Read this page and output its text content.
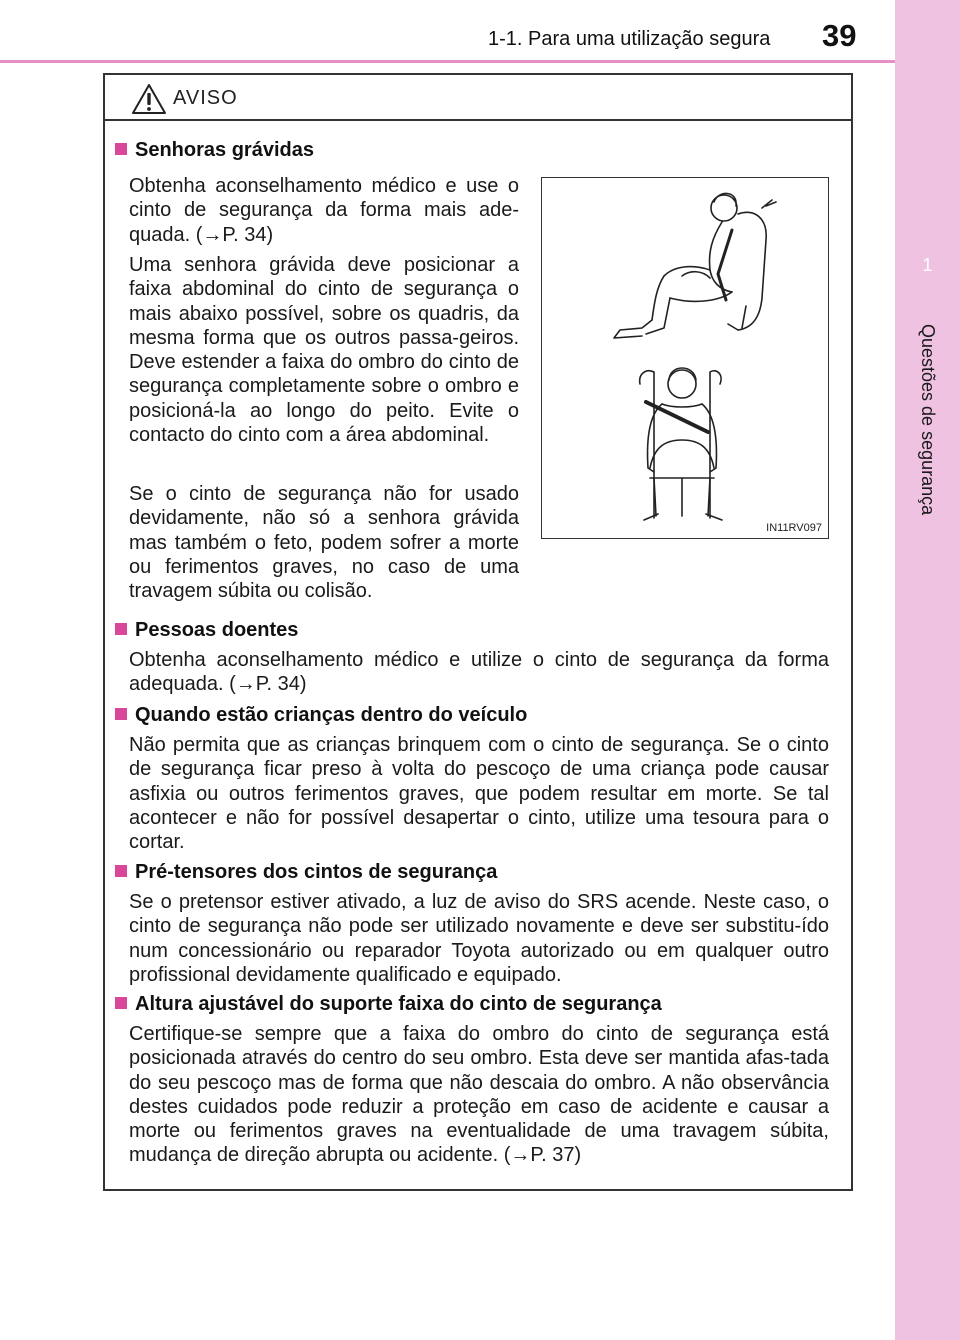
1-1. Para uma utilização segura 39
1
Questões de segurança
AVISO
Senhoras grávidas

Obtenha aconselhamento médico e use o cinto de segurança da forma mais ade-quada. (→P. 34)

Uma senhora grávida deve posicionar a faixa abdominal do cinto de segurança o mais abaixo possível, sobre os quadris, da mesma forma que os outros passa-geiros. Deve estender a faixa do ombro do cinto de segurança completamente sobre o ombro e posicioná-la ao longo do peito. Evite o contacto do cinto com a área abdominal.

Se o cinto de segurança não for usado devidamente, não só a senhora grávida mas também o feto, podem sofrer a morte ou ferimentos graves, no caso de uma travagem súbita ou colisão.

IN11RV097
Pessoas doentes

Obtenha aconselhamento médico e utilize o cinto de segurança da forma adequada. (→P. 34)

Quando estão crianças dentro do veículo

Não permita que as crianças brinquem com o cinto de segurança. Se o cinto de segurança ficar preso à volta do pescoço de uma criança pode causar asfixia ou outros ferimentos graves, que podem resultar em morte. Se tal acontecer e não for possível desapertar o cinto, utilize uma tesoura para o cortar.

Pré-tensores dos cintos de segurança

Se o pretensor estiver ativado, a luz de aviso do SRS acende. Neste caso, o cinto de segurança não pode ser utilizado novamente e deve ser substitu-ído num concessionário ou reparador Toyota autorizado ou em qualquer outro profissional devidamente qualificado e equipado.

Altura ajustável do suporte faixa do cinto de segurança

Certifique-se sempre que a faixa do ombro do cinto de segurança está posicionada através do centro do seu ombro. Esta deve ser mantida afas-tada do seu pescoço mas de forma que não descaia do ombro. A não observância destes cuidados pode reduzir a proteção em caso de acidente e causar a morte ou ferimentos graves na eventualidade de uma travagem súbita, mudança de direção abrupta ou acidente. (→P. 37)
